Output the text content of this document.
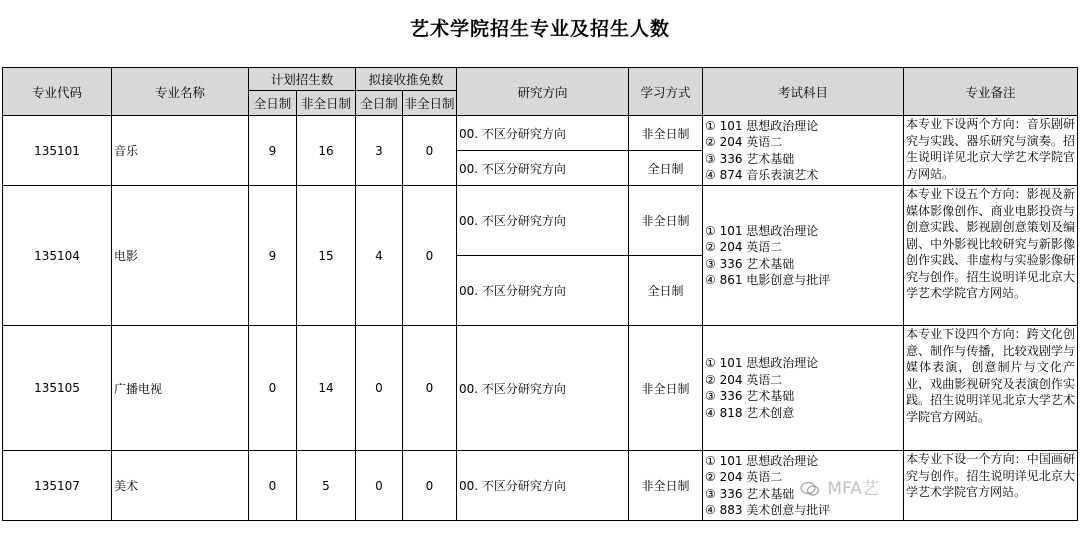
艺术学院招生专业及招生人数
专业代码	专业名称	计划招生数		拟接收推免数		研究方向	学习方式	考试科目	专业备注
		全日制	非全日制	全日制	非全日制				
135101	音乐	9	16	3	0	00. 不区分研究方向	非全日制	① 101 思想政治理论
② 204 英语二
③ 336 艺术基础
④ 874 音乐表演艺术	本专业下设两个方向：音乐剧研究与实践、器乐研究与演奏。招生说明详见北京大学艺术学院官方网站。
						00. 不区分研究方向	全日制		
135104	电影	9	15	4	0	00. 不区分研究方向	非全日制	① 101 思想政治理论
② 204 英语二
③ 336 艺术基础
④ 861 电影创意与批评	本专业下设五个方向：影视及新媒体影像创作、商业电影投资与创意实践、影视剧创意策划及编剧、中外影视比较研究与新影像创作实践、非虚构与实验影像研究与创作。招生说明详见北京大学艺术学院官方网站。
						00. 不区分研究方向	全日制		
135105	广播电视	0	14	0	0	00. 不区分研究方向	非全日制	① 101 思想政治理论
② 204 英语二
③ 336 艺术基础
④ 818 艺术创意	本专业下设四个方向：跨文化创意、制作与传播，比较戏剧学与媒体表演，创意制片与文化产业，戏曲影视研究及表演创作实践。招生说明详见北京大学艺术学院官方网站。
135107	美术	0	5	0	0	00. 不区分研究方向	非全日制	① 101 思想政治理论
② 204 英语二
③ 336 艺术基础
④ 883 美术创意与批评	本专业下设一个方向：中国画研究与创作。招生说明详见北京大学艺术学院官方网站。
MFA艺
